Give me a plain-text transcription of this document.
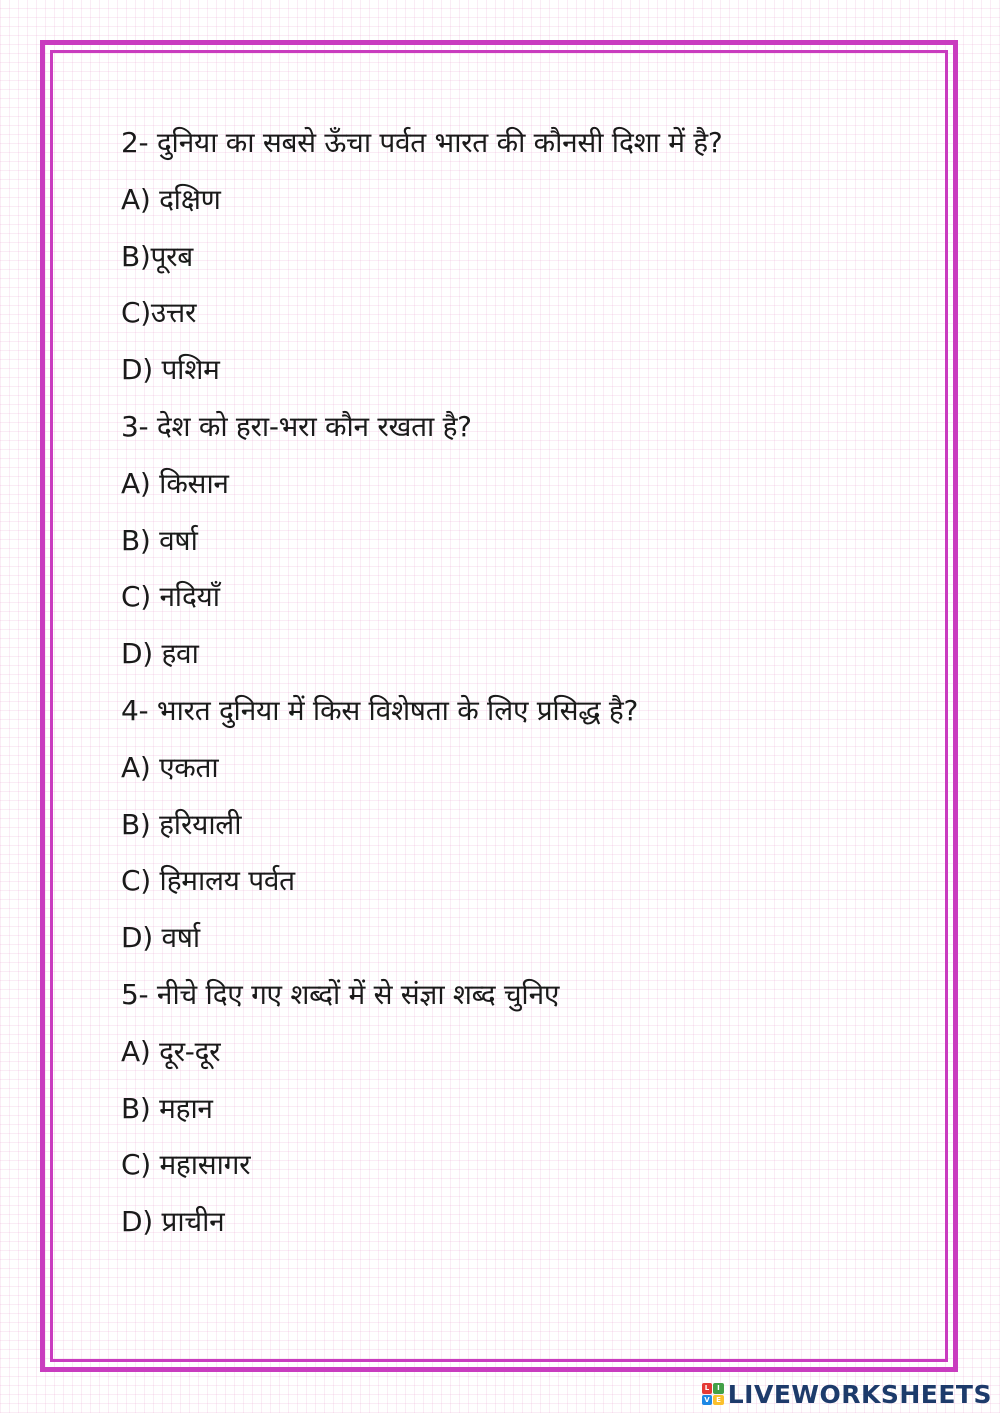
2- दुनिया का सबसे ऊँचा पर्वत भारत की कौनसी दिशा में है?
A) दक्षिण
B)पूरब
C)उत्तर
D) पशिम
3- देश को हरा-भरा कौन रखता है?
A) किसान
B) वर्षा
C) नदियाँ
D) हवा
4- भारत दुनिया में किस विशेषता के लिए प्रसिद्ध है?
A) एकता
B) हरियाली
C) हिमालय पर्वत
D) वर्षा
5- नीचे दिए गए शब्दों में से संज्ञा शब्द चुनिए
A) दूर-दूर
B) महान
C) महासागर
D) प्राचीन
L	I
V E LIVEWORKSHEETS
